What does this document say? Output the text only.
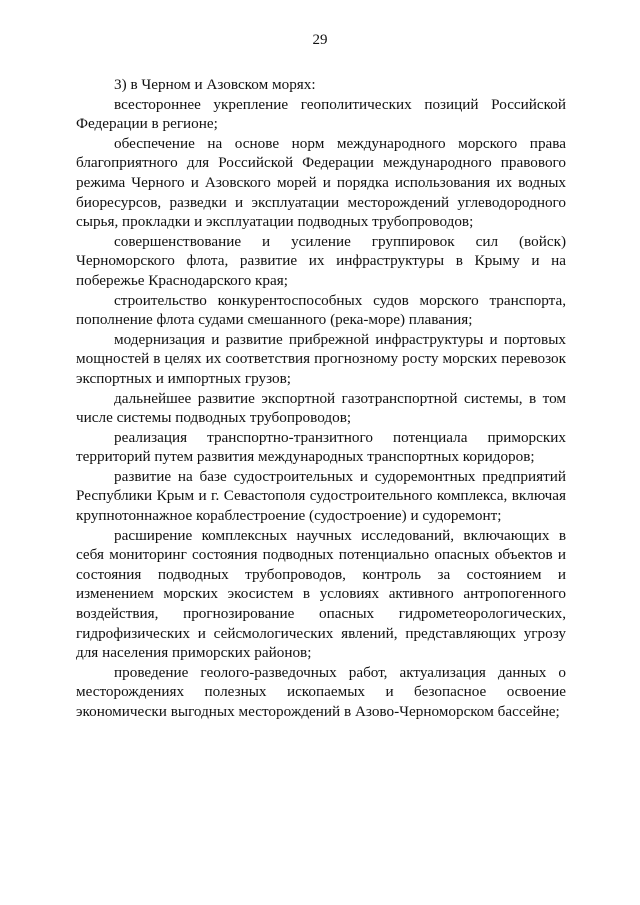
29

3) в Черном и Азовском морях:

всестороннее укрепление геополитических позиций Российской Федерации в регионе;

обеспечение на основе норм международного морского права благоприятного для Российской Федерации международного правового режима Черного и Азовского морей и порядка использования их водных биоресурсов, разведки и эксплуатации месторождений углеводородного сырья, прокладки и эксплуатации подводных трубопроводов;

совершенствование и усиление группировок сил (войск) Черноморского флота, развитие их инфраструктуры в Крыму и на побережье Краснодарского края;

строительство конкурентоспособных судов морского транспорта, пополнение флота судами смешанного (река-море) плавания;

модернизация и развитие прибрежной инфраструктуры и портовых мощностей в целях их соответствия прогнозному росту морских перевозок экспортных и импортных грузов;

дальнейшее развитие экспортной газотранспортной системы, в том числе системы подводных трубопроводов;

реализация транспортно-транзитного потенциала приморских территорий путем развития международных транспортных коридоров;

развитие на базе судостроительных и судоремонтных предприятий Республики Крым и г. Севастополя судостроительного комплекса, включая крупнотоннажное кораблестроение (судостроение) и судоремонт;

расширение комплексных научных исследований, включающих в себя мониторинг состояния подводных потенциально опасных объектов и состояния подводных трубопроводов, контроль за состоянием и изменением морских экосистем в условиях активного антропогенного воздействия, прогнозирование опасных гидрометеорологических, гидрофизических и сейсмологических явлений, представляющих угрозу для населения приморских районов;

проведение геолого-разведочных работ, актуализация данных о месторождениях полезных ископаемых и безопасное освоение экономически выгодных месторождений в Азово-Черноморском бассейне;
